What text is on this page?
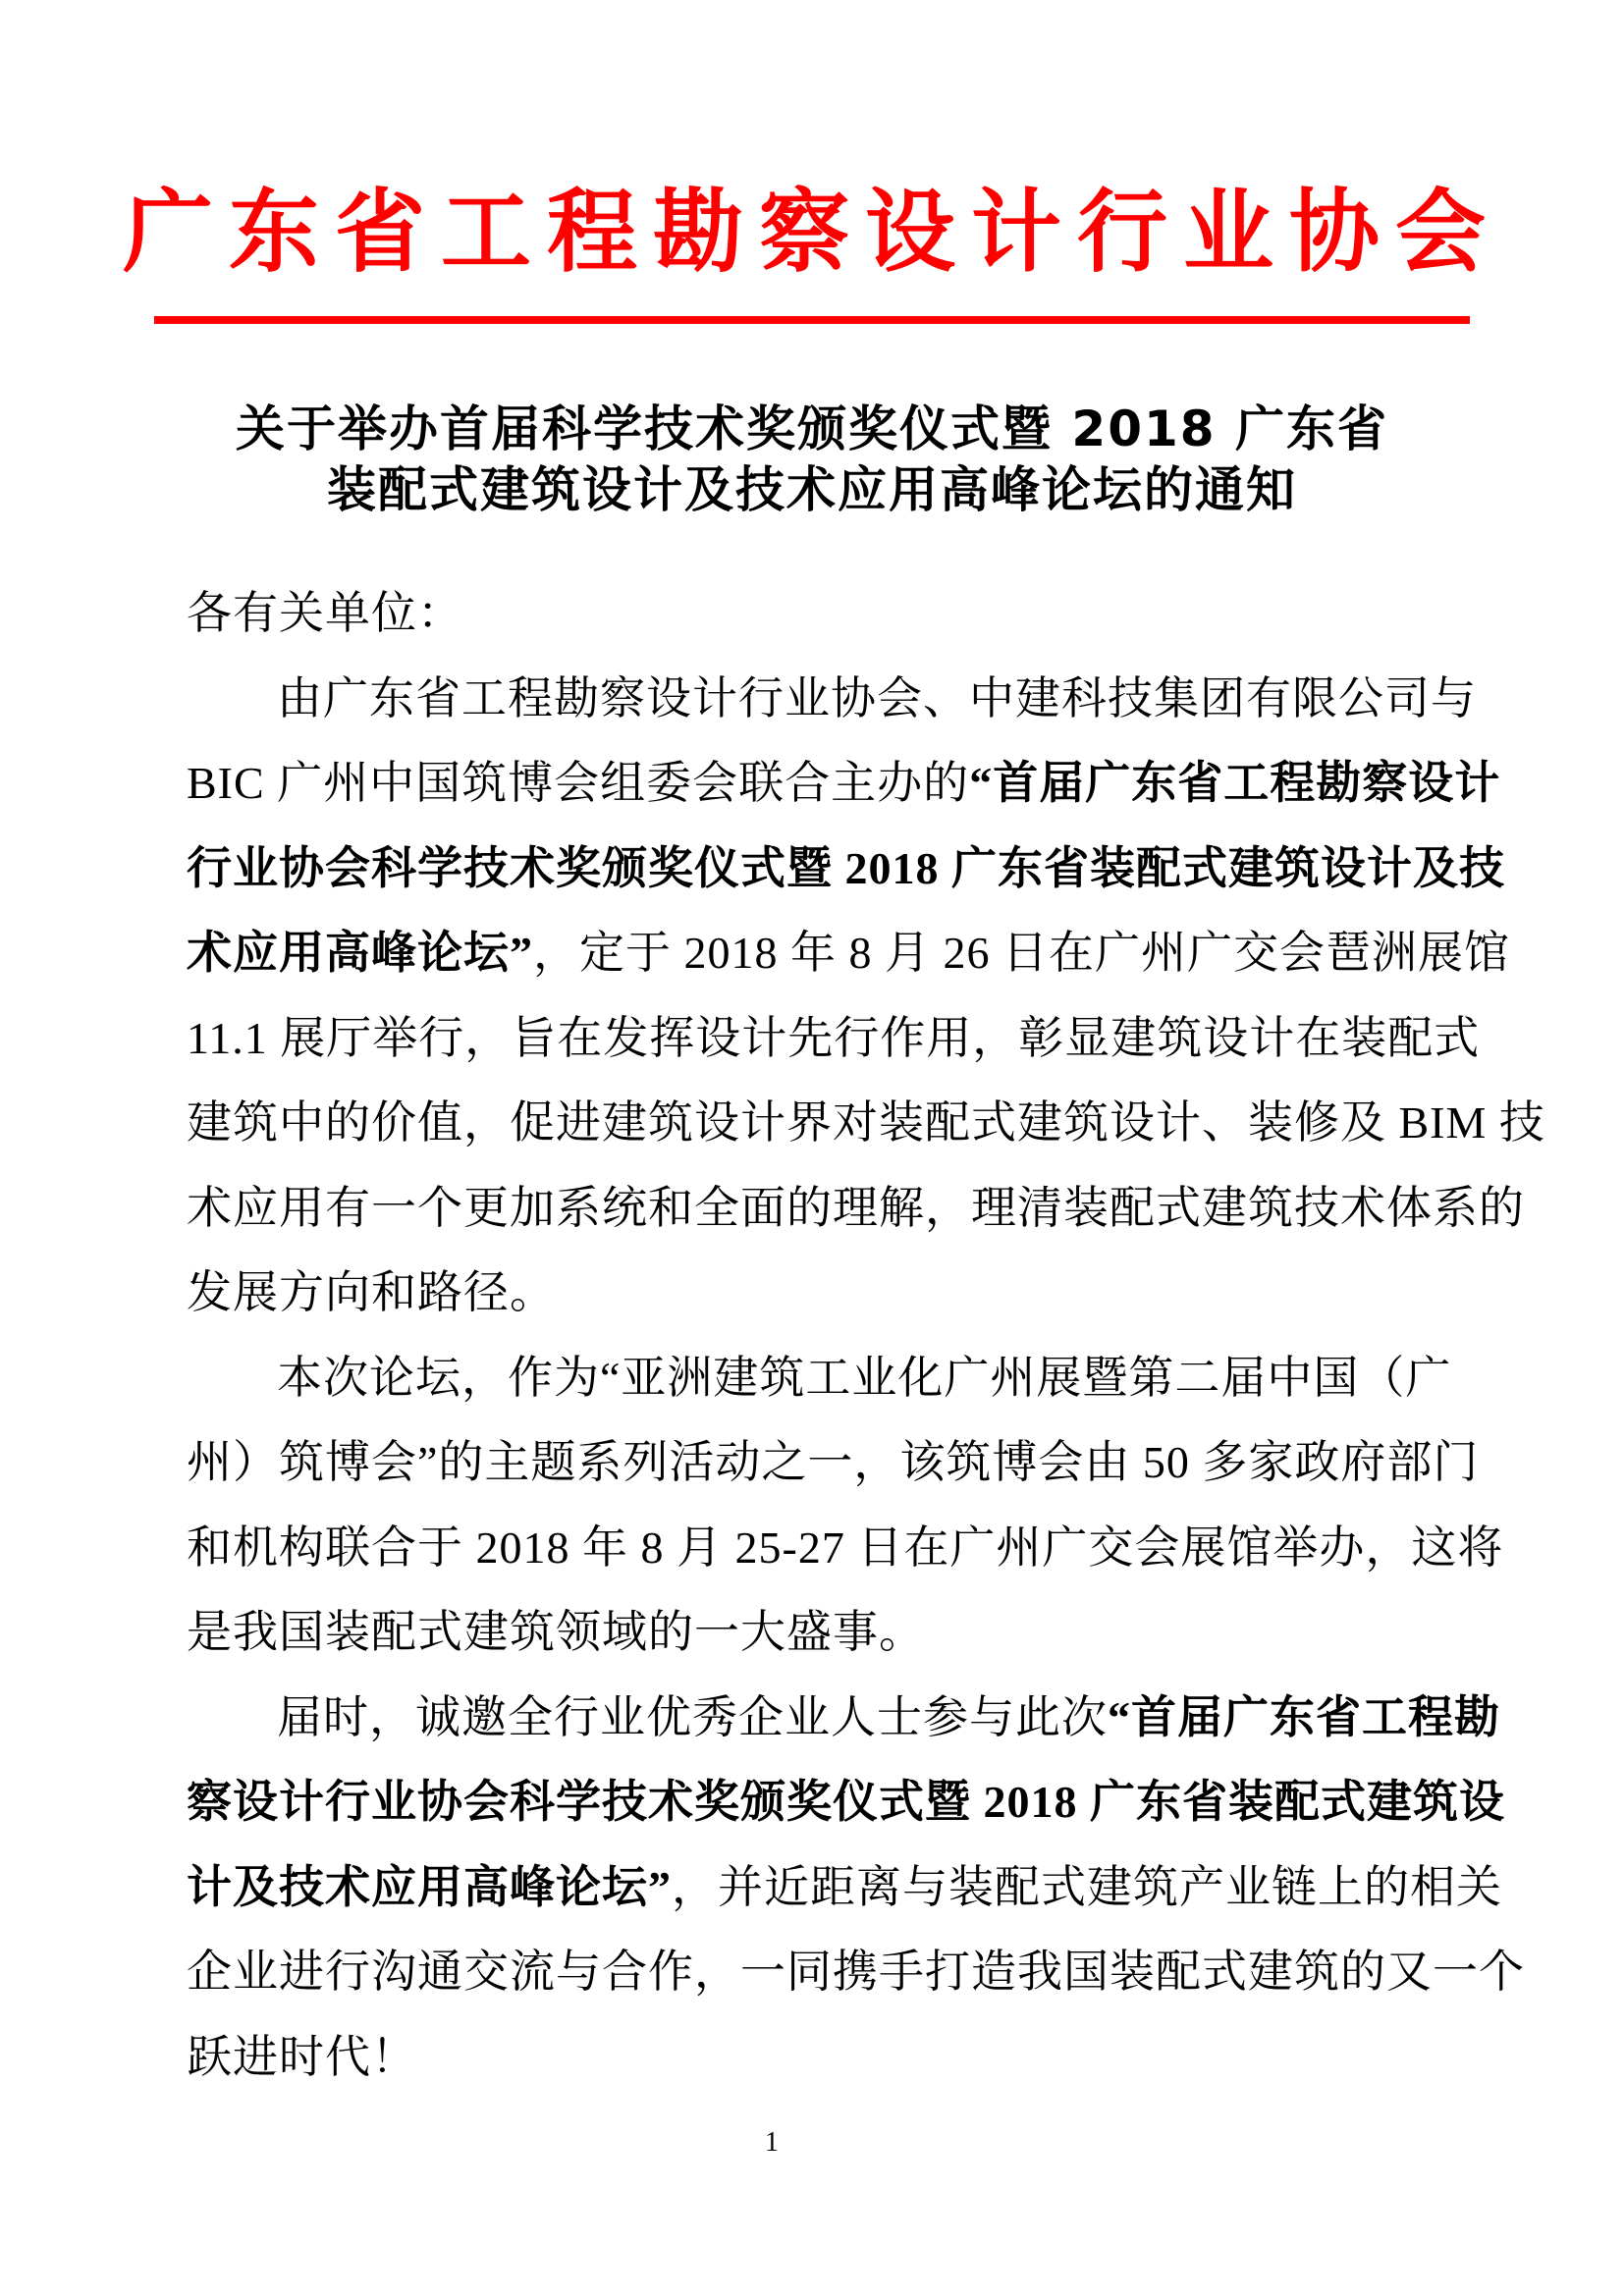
广东省工程勘察设计行业协会
关于举办首届科学技术奖颁奖仪式暨 2018 广东省
装配式建筑设计及技术应用高峰论坛的通知
各有关单位：
由广东省工程勘察设计行业协会、中建科技集团有限公司与
BIC 广州中国筑博会组委会联合主办的“首届广东省工程勘察设计
行业协会科学技术奖颁奖仪式暨 2018 广东省装配式建筑设计及技
术应用高峰论坛”，定于 2018 年 8 月 26 日在广州广交会琶洲展馆
11.1 展厅举行，旨在发挥设计先行作用，彰显建筑设计在装配式
建筑中的价值，促进建筑设计界对装配式建筑设计、装修及 BIM 技
术应用有一个更加系统和全面的理解，理清装配式建筑技术体系的
发展方向和路径。
本次论坛，作为“亚洲建筑工业化广州展暨第二届中国（广
州）筑博会”的主题系列活动之一，该筑博会由 50 多家政府部门
和机构联合于 2018 年 8 月 25-27 日在广州广交会展馆举办，这将
是我国装配式建筑领域的一大盛事。
届时，诚邀全行业优秀企业人士参与此次“首届广东省工程勘
察设计行业协会科学技术奖颁奖仪式暨 2018 广东省装配式建筑设
计及技术应用高峰论坛”，并近距离与装配式建筑产业链上的相关
企业进行沟通交流与合作，一同携手打造我国装配式建筑的又一个
跃进时代！
1
